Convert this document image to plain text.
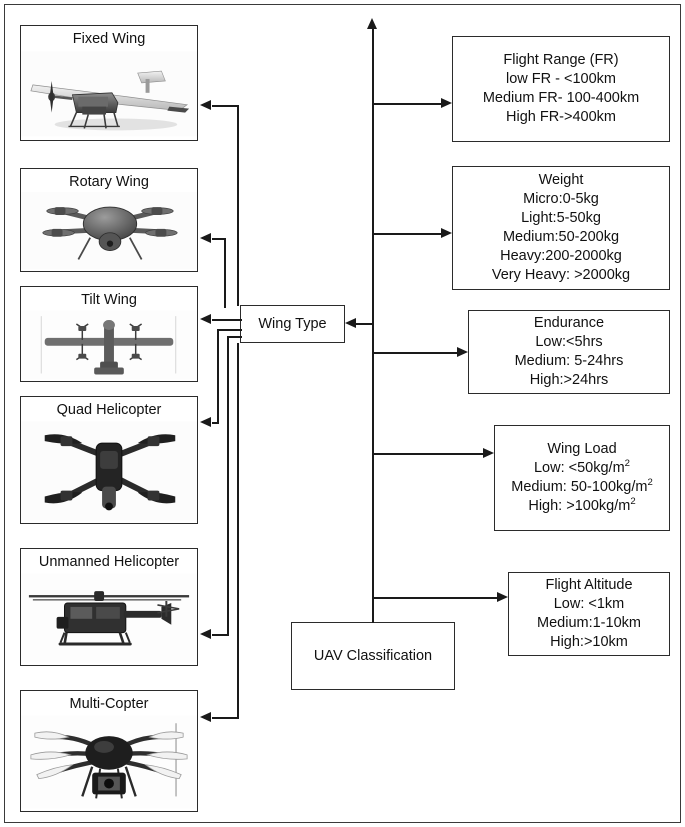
Fixed Wing
Rotary Wing
Tilt Wing
Quad Helicopter
Unmanned Helicopter
Multi-Copter
Wing Type
UAV Classification
Flight Range (FR)
low FR - <100km
Medium FR- 100-400km
High FR->400km
Weight
Micro:0-5kg
Light:5-50kg
Medium:50-200kg
Heavy:200-2000kg
Very Heavy: >2000kg
Endurance
Low:<5hrs
Medium: 5-24hrs
High:>24hrs
Wing Load
Low: $<50kg/m^2$
Medium: $50-100kg/m^2$
High: $>100kg/m^2$
Flight Altitude
Low: <1km
Medium:1-10km
High:>10km
